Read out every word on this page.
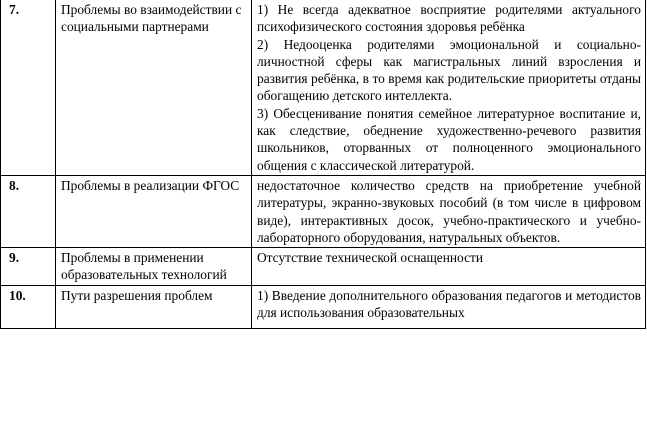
7.	Проблемы во взаимодействии с социальными партнерами	1) Не всегда адекватное восприятие родителями актуального психофизического состояния здоровья ребёнка

2) Недооценка родителями эмоциональной и социально-личностной сферы как магистральных линий взросления и развития ребёнка, в то время как родительские приоритеты отданы обогащению детского интеллекта.

3) Обесценивание понятия семейное литературное воспитание и, как следствие, обеднение художественно-речевого развития школьников, оторванных от полноценного эмоционального общения с классической литературой.

8.	Проблемы в реализации ФГОС	недостаточное количество средств на приобретение учебной литературы, экранно-звуковых пособий (в том числе в цифровом виде), интерактивных досок, учебно-практического и учебно-лабораторного оборудования, натуральных объектов.

9.	Проблемы в применении образовательных технологий	Отсутствие технической оснащенности

10.	Пути разрешения проблем	1) Введение дополнительного образования педагогов и методистов для использования образовательных
